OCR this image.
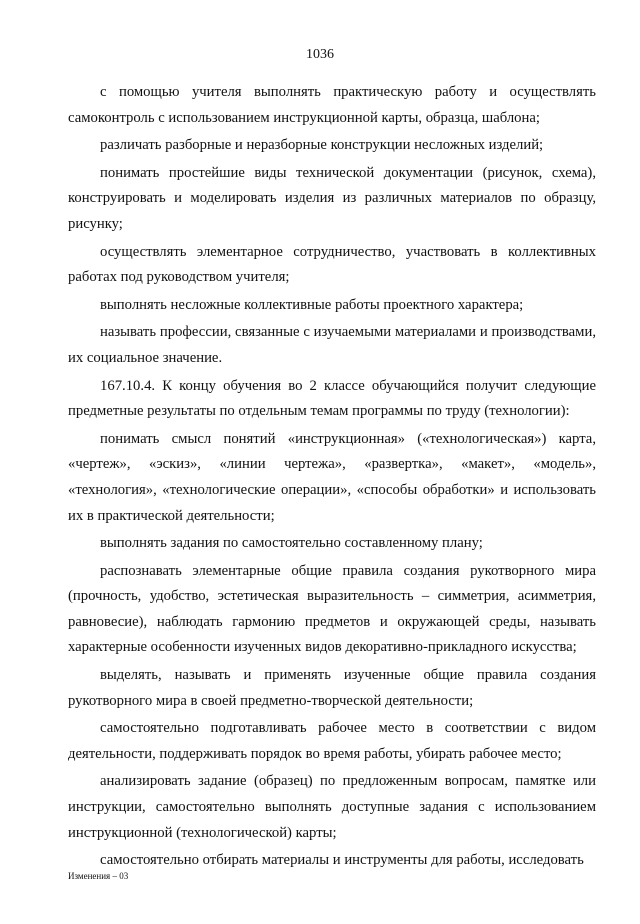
1036

с помощью учителя выполнять практическую работу и осуществлять самоконтроль с использованием инструкционной карты, образца, шаблона;

различать разборные и неразборные конструкции несложных изделий;

понимать простейшие виды технической документации (рисунок, схема), конструировать и моделировать изделия из различных материалов по образцу, рисунку;

осуществлять элементарное сотрудничество, участвовать в коллективных работах под руководством учителя;

выполнять несложные коллективные работы проектного характера;

называть профессии, связанные с изучаемыми материалами и производствами, их социальное значение.

167.10.4. К концу обучения во 2 классе обучающийся получит следующие предметные результаты по отдельным темам программы по труду (технологии):

понимать смысл понятий «инструкционная» («технологическая») карта, «чертеж», «эскиз», «линии чертежа», «развертка», «макет», «модель», «технология», «технологические операции», «способы обработки» и использовать их в практической деятельности;

выполнять задания по самостоятельно составленному плану;

распознавать элементарные общие правила создания рукотворного мира (прочность, удобство, эстетическая выразительность – симметрия, асимметрия, равновесие), наблюдать гармонию предметов и окружающей среды, называть характерные особенности изученных видов декоративно-прикладного искусства;

выделять, называть и применять изученные общие правила создания рукотворного мира в своей предметно-творческой деятельности;

самостоятельно подготавливать рабочее место в соответствии с видом деятельности, поддерживать порядок во время работы, убирать рабочее место;

анализировать задание (образец) по предложенным вопросам, памятке или инструкции, самостоятельно выполнять доступные задания с использованием инструкционной (технологической) карты;

самостоятельно отбирать материалы и инструменты для работы, исследовать

Изменения – 03
